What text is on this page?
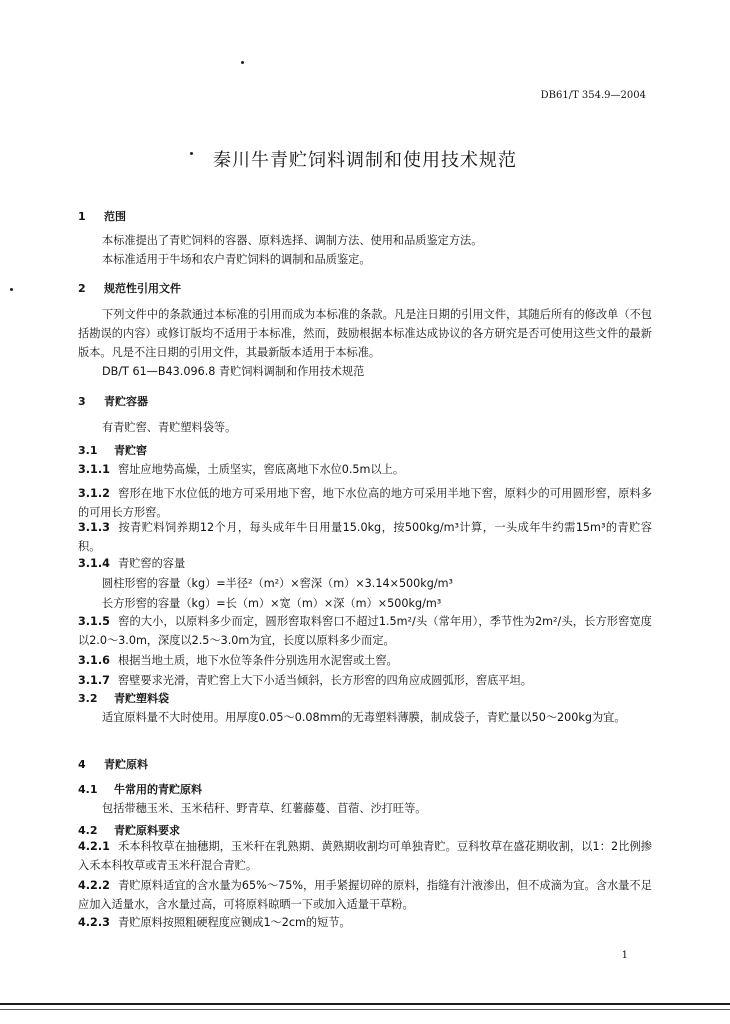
DB61/T 354.9—2004
秦川牛青贮饲料调制和使用技术规范
1 范围
本标准提出了青贮饲料的容器、原料选择、调制方法、使用和品质鉴定方法。
本标准适用于牛场和农户青贮饲料的调制和品质鉴定。
2 规范性引用文件
下列文件中的条款通过本标准的引用而成为本标准的条款。凡是注日期的引用文件，其随后所有的修改单（不包括勘误的内容）或修订版均不适用于本标准，然而，鼓励根据本标准达成协议的各方研究是否可使用这些文件的最新版本。凡是不注日期的引用文件，其最新版本适用于本标准。
DB/T 61—B43.096.8 青贮饲料调制和作用技术规范
3 青贮容器
有青贮窖、青贮塑料袋等。
3.1 青贮窖
3.1.1 窖址应地势高燥，土质坚实，窖底离地下水位0.5m以上。
3.1.2 窖形在地下水位低的地方可采用地下窖，地下水位高的地方可采用半地下窖，原料少的可用圆形窖，原料多的可用长方形窖。
3.1.3 按青贮料饲养期12个月，每头成年牛日用量15.0kg，按500kg/m³计算，一头成年牛约需15m³的青贮容积。
3.1.4 青贮窖的容量
圆柱形窖的容量（kg）=半径²（m²）×窖深（m）×3.14×500kg/m³
长方形窖的容量（kg）=长（m）×宽（m）×深（m）×500kg/m³
3.1.5 窖的大小，以原料多少而定，圆形窖取料窖口不超过1.5m²/头（常年用），季节性为2m²/头，长方形窖宽度以2.0～3.0m，深度以2.5～3.0m为宜，长度以原料多少而定。
3.1.6 根据当地土质，地下水位等条件分别选用水泥窖或土窖。
3.1.7 窖壁要求光滑，青贮窖上大下小适当倾斜，长方形窖的四角应成圆弧形，窖底平坦。
3.2 青贮塑料袋
适宜原料量不大时使用。用厚度0.05～0.08mm的无毒塑料薄膜，制成袋子，青贮量以50～200kg为宜。
4 青贮原料
4.1 牛常用的青贮原料
包括带穗玉米、玉米秸秆、野青草、红薯藤蔓、苜蓿、沙打旺等。
4.2 青贮原料要求
4.2.1 禾本科牧草在抽穗期，玉米秆在乳熟期、黄熟期收割均可单独青贮。豆科牧草在盛花期收割，以1：2比例掺入禾本科牧草或青玉米秆混合青贮。
4.2.2 青贮原料适宜的含水量为65%～75%，用手紧握切碎的原料，指缝有汁液渗出，但不成滴为宜。含水量不足应加入适量水，含水量过高，可将原料晾晒一下或加入适量干草粉。
4.2.3 青贮原料按照粗硬程度应铡成1～2cm的短节。
1
